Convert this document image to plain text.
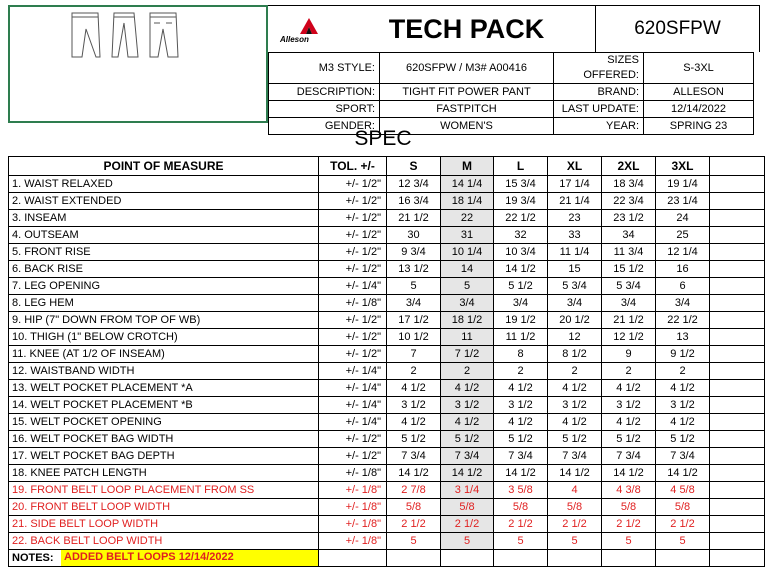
Alleson	TECH PACK	620SFPW
M3 STYLE:	620SFPW / M3# A00416	SIZES OFFERED:	S-3XL
DESCRIPTION:	TIGHT FIT POWER PANT	BRAND:	ALLESON
SPORT:	FASTPITCH	LAST UPDATE:	12/14/2022
GENDER:	WOMEN'S	YEAR:	SPRING 23
SPEC
POINT OF MEASURE	TOL. +/-	S	M	L	XL	2XL	3XL	
1. WAIST RELAXED	+/- 1/2"	12 3/4	14 1/4	15 3/4	17 1/4	18 3/4	19 1/4	
2. WAIST EXTENDED	+/- 1/2"	16 3/4	18 1/4	19 3/4	21 1/4	22 3/4	23 1/4	
3. INSEAM	+/- 1/2"	21 1/2	22	22 1/2	23	23 1/2	24	
4. OUTSEAM	+/- 1/2"	30	31	32	33	34	25	
5. FRONT RISE	+/- 1/2"	9 3/4	10 1/4	10 3/4	11 1/4	11 3/4	12 1/4	
6. BACK RISE	+/- 1/2"	13 1/2	14	14 1/2	15	15 1/2	16	
7. LEG OPENING	+/- 1/4"	5	5	5 1/2	5 3/4	5 3/4	6	
8. LEG HEM	+/- 1/8"	3/4	3/4	3/4	3/4	3/4	3/4	
9. HIP (7" DOWN FROM TOP OF WB)	+/- 1/2"	17 1/2	18 1/2	19 1/2	20 1/2	21 1/2	22 1/2	
10. THIGH (1" BELOW CROTCH)	+/- 1/2"	10 1/2	11	11 1/2	12	12 1/2	13	
11. KNEE (AT 1/2 OF INSEAM)	+/- 1/2"	7	7 1/2	8	8 1/2	9	9 1/2	
12. WAISTBAND WIDTH	+/- 1/4"	2	2	2	2	2	2	
13. WELT POCKET PLACEMENT *A	+/- 1/4"	4 1/2	4 1/2	4 1/2	4 1/2	4 1/2	4 1/2	
14. WELT POCKET PLACEMENT *B	+/- 1/4"	3 1/2	3 1/2	3 1/2	3 1/2	3 1/2	3 1/2	
15. WELT POCKET OPENING	+/- 1/4"	4 1/2	4 1/2	4 1/2	4 1/2	4 1/2	4 1/2	
16. WELT POCKET BAG WIDTH	+/- 1/2"	5 1/2	5 1/2	5 1/2	5 1/2	5 1/2	5 1/2	
17. WELT POCKET BAG DEPTH	+/- 1/2"	7 3/4	7 3/4	7 3/4	7 3/4	7 3/4	7 3/4	
18. KNEE PATCH LENGTH	+/- 1/8"	14 1/2	14 1/2	14 1/2	14 1/2	14 1/2	14 1/2	
19. FRONT BELT LOOP PLACEMENT FROM SS	+/- 1/8"	2 7/8	3 1/4	3 5/8	4	4 3/8	4 5/8	
20. FRONT BELT LOOP WIDTH	+/- 1/8"	5/8	5/8	5/8	5/8	5/8	5/8	
21. SIDE BELT LOOP WIDTH	+/- 1/8"	2 1/2	2 1/2	2 1/2	2 1/2	2 1/2	2 1/2	
22. BACK BELT LOOP WIDTH	+/- 1/8"	5	5	5	5	5	5	
NOTES: ADDED BELT LOOPS 12/14/2022								
